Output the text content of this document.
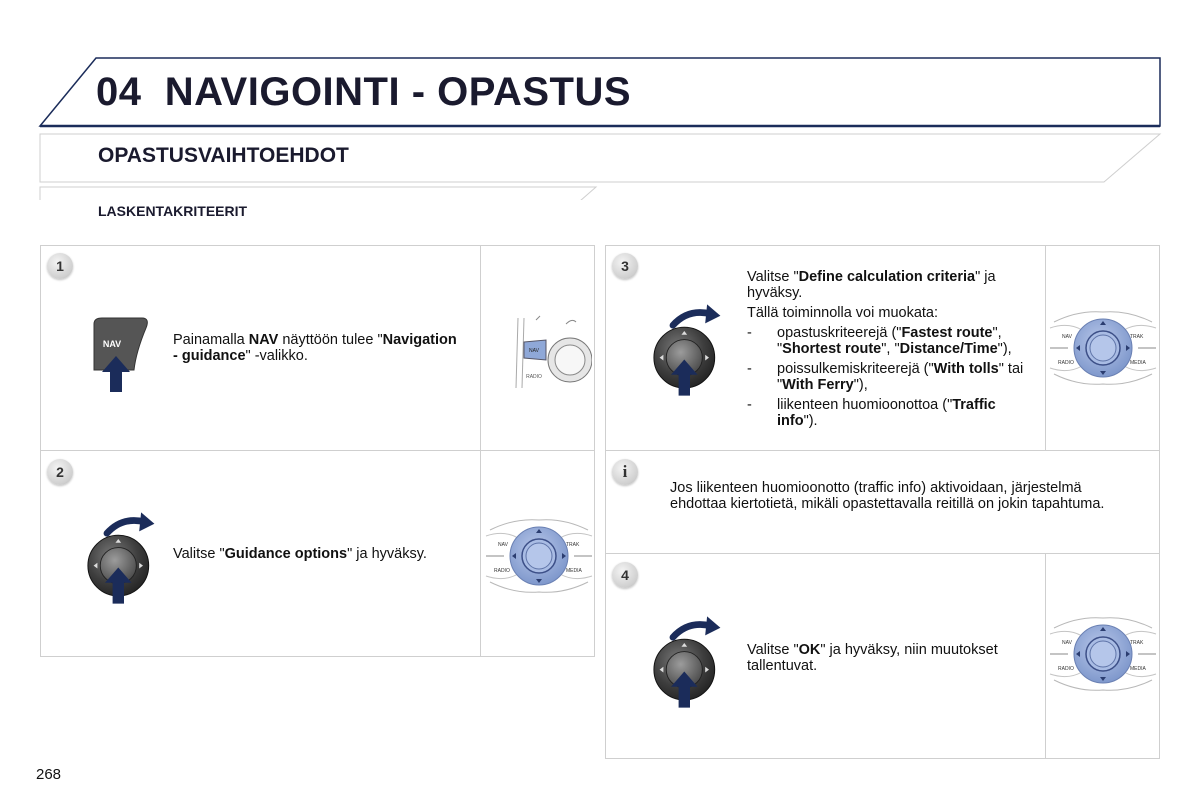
04 NAVIGOINTI - OPASTUS
OPASTUSVAIHTOEHDOT
LASKENTAKRITEERIT
1
NAV	Painamalla NAV näyttöön tulee "Navigation - guidance" -valikko.	NAV
RADIO
2
Valitse "Guidance options" ja hyväksy.
NAV	TRAK
RADIO	MEDIA
3
Valitse "Define calculation criteria" ja hyväksy.
Tällä toiminnolla voi muokata:
- opastuskriteerejä ("Fastest route", "Shortest route", "Distance/Time"),
- poissulkemiskriteerejä ("With tolls" tai "With Ferry"),
- liikenteen huomioonottoa ("Traffic info").
NAV	TRAK
RADIO	MEDIA
i
Jos liikenteen huomioonotto (traffic info) aktivoidaan, järjestelmä ehdottaa kiertotietä, mikäli opastettavalla reitillä on jokin tapahtuma.
4
Valitse "OK" ja hyväksy, niin muutokset tallentuvat.
NAV	TRAK
RADIO	MEDIA
268
